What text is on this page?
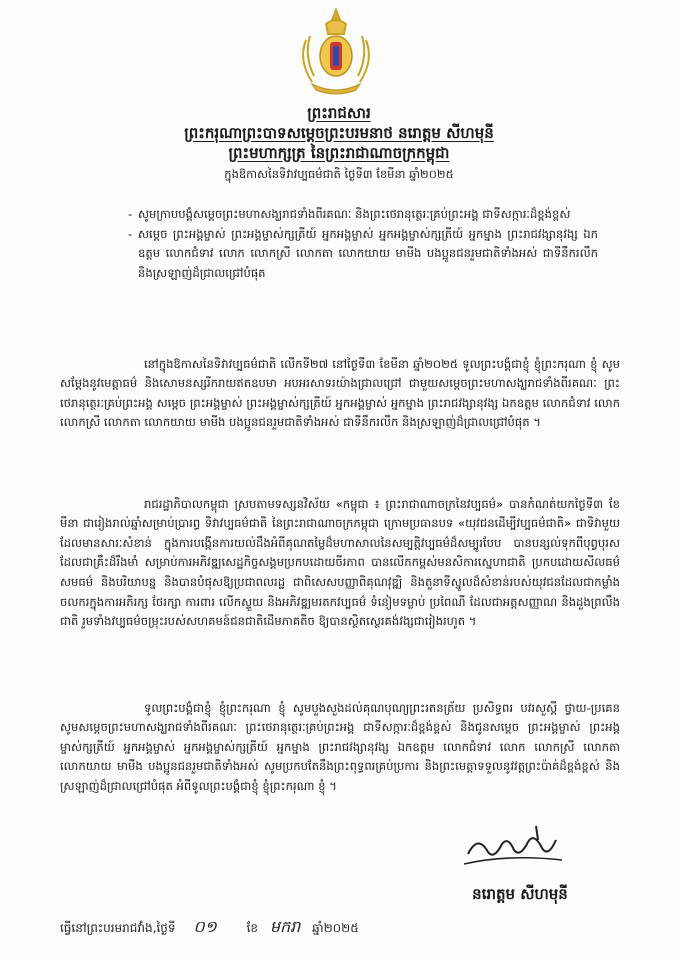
ព្រះរាជសារ
ព្រះករុណាព្រះបាទសម្តេចព្រះបរមនាថ នរោត្តម សីហមុនី
ព្រះមហាក្សត្រ នៃព្រះរាជាណាចក្រកម្ពុជា
ក្នុងឱកាសនៃទិវាវប្បធម៌ជាតិ ថ្ងៃទី៣ ខែមីនា ឆ្នាំ២០២៥
- សូមក្រាបបង្គំសម្តេចព្រះមហាសង្ឃរាជទាំងពីរគណៈ និងព្រះថេរានុត្ថេរៈគ្រប់ព្រះអង្គ ជាទីសក្ការៈដ៏ខ្ពង់ខ្ពស់
- សម្តេច ព្រះអង្គម្ចាស់ ព្រះអង្គម្ចាស់ក្សត្រីយ៍ អ្នកអង្គម្ចាស់ អ្នកអង្គម្ចាស់ក្សត្រីយ៍ អ្នកម្នាង ព្រះរាជវង្សានុវង្ស ឯកឧត្តម លោកជំទាវ លោក លោកស្រី លោកតា លោកយាយ មាមីង បងប្អូនជនរួមជាតិទាំងអស់ ជាទីនឹករលឹក និងស្រឡាញ់ដ៏ជ្រាលជ្រៅបំផុត

នៅក្នុងឱកាសនៃទិវាវប្បធម៌ជាតិ លើកទី២៧ នៅថ្ងៃទី៣ ខែមីនា ឆ្នាំ២០២៥ ទូលព្រះបង្គំជាខ្ញុំ ខ្ញុំព្រះករុណា ខ្ញុំ សូមសម្តែងនូវមេត្តាធម៌ និងសោមនស្សរីករាយឥតឧបមា អបអរសាទរយ៉ាងជ្រាលជ្រៅ ជាមួយសម្តេចព្រះមហាសង្ឃរាជទាំងពីរគណៈ ព្រះថេរានុត្ថេរៈគ្រប់ព្រះអង្គ សម្តេច ព្រះអង្គម្ចាស់ ព្រះអង្គម្ចាស់ក្សត្រីយ៍ អ្នកអង្គម្ចាស់ អ្នកម្នាង ព្រះរាជវង្សានុវង្ស ឯកឧត្តម លោកជំទាវ លោក លោកស្រី លោកតា លោកយាយ មាមីង បងប្អូនជនរួមជាតិទាំងអស់ ជាទីនឹករលឹក និងស្រឡាញ់ដ៏ជ្រាលជ្រៅបំផុត ។

រាជរដ្ឋាភិបាលកម្ពុជា ស្របតាមទស្សនវិស័យ «កម្ពុជា ៖ ព្រះរាជាណាចក្រនៃវប្បធម៌» បានកំណត់យកថ្ងៃទី៣ ខែមីនា ជារៀងរាល់ឆ្នាំសម្រាប់ប្រារព្ធ ទិវាវប្បធម៌ជាតិ នៃព្រះរាជាណាចក្រកម្ពុជា ក្រោមប្រធានបទ «យុវជនដើម្បីវប្បធម៌ជាតិ» ជាទិវាមួយដែលមានសារៈសំខាន់ ក្នុងការបង្កើនការយល់ដឹងអំពីគុណតម្លៃដ៏មហាសាលនៃសម្បត្តិវប្បធម៌ដ៏សម្បូរបែប បានបន្សល់ទុកពីបុព្វបុរស ដែលជាគ្រឹះដ៏រឹងមាំ សម្រាប់ការអភិវឌ្ឍសេដ្ឋកិច្ចសង្គមប្រកបដោយចីរភាព បានលើកកម្ពស់មនសិការស្នេហាជាតិ ប្រកបដោយសីលធម៌ សមធម៌ និងបរិយាបន្ន និងបានបំផុសឱ្យប្រជាពលរដ្ឋ ជាពិសេសបញ្ញាពិគុណវុឌ្ឍិ និងតួនាទីស្នូលដ៏សំខាន់របស់យុវជនដែលជាកម្លាំងចលករក្នុងការអភិរក្ស ថែរក្សា ការពារ លើកស្ទួយ និងអភិវឌ្ឍមរតកវប្បធម៌ ទំនៀមទម្លាប់ ប្រពៃណី ដែលជាអត្តសញ្ញាណ និងដួងព្រលឹងជាតិ រួមទាំងវប្បធម៌ចម្រុះរបស់សហគមន៍ជនជាតិដើមភាគតិច ឱ្យបានស្ថិតស្ថេរគង់វង្សជារៀងរហូត ។

ទូលព្រះបង្គំជាខ្ញុំ ខ្ញុំព្រះករុណា ខ្ញុំ សូមបួងសួងដល់គុណបុណ្យព្រះរតនត្រ័យ ប្រសិទ្ធពរ បវរសួស្តី ថ្វាយ-ប្រគេន សូមសម្តេចព្រះមហាសង្ឃរាជទាំងពីរគណៈ ព្រះថេរានុត្ថេរៈគ្រប់ព្រះអង្គ ជាទីសក្ការៈដ៏ខ្ពង់ខ្ពស់ និងជូនសម្តេច ព្រះអង្គម្ចាស់ ព្រះអង្គម្ចាស់ក្សត្រីយ៍ អ្នកអង្គម្ចាស់ អ្នកអង្គម្ចាស់ក្សត្រីយ៍ អ្នកម្នាង ព្រះរាជវង្សានុវង្ស ឯកឧត្តម លោកជំទាវ លោក លោកស្រី លោកតា លោកយាយ មាមីង បងប្អូនជនរួមជាតិទាំងអស់ សូមប្រកបតែនឹងព្រះពុទ្ធពរគ្រប់ប្រការ និងព្រះមេត្តាទទួលនូវវត្តព្រះប៉ាគ់ដ៏ខ្ពង់ខ្ពស់ និងស្រឡាញ់ដ៏ជ្រាលជ្រៅបំផុត អំពីទូលព្រះបង្គំជាខ្ញុំ ខ្ញុំព្រះករុណា ខ្ញុំ ។

នរោត្តម សីហមុនី
ធ្វើនៅព្រះបរមរាជវាំង,ថ្ងៃទី ០១ ខែ មករា ឆ្នាំ២០២៥
